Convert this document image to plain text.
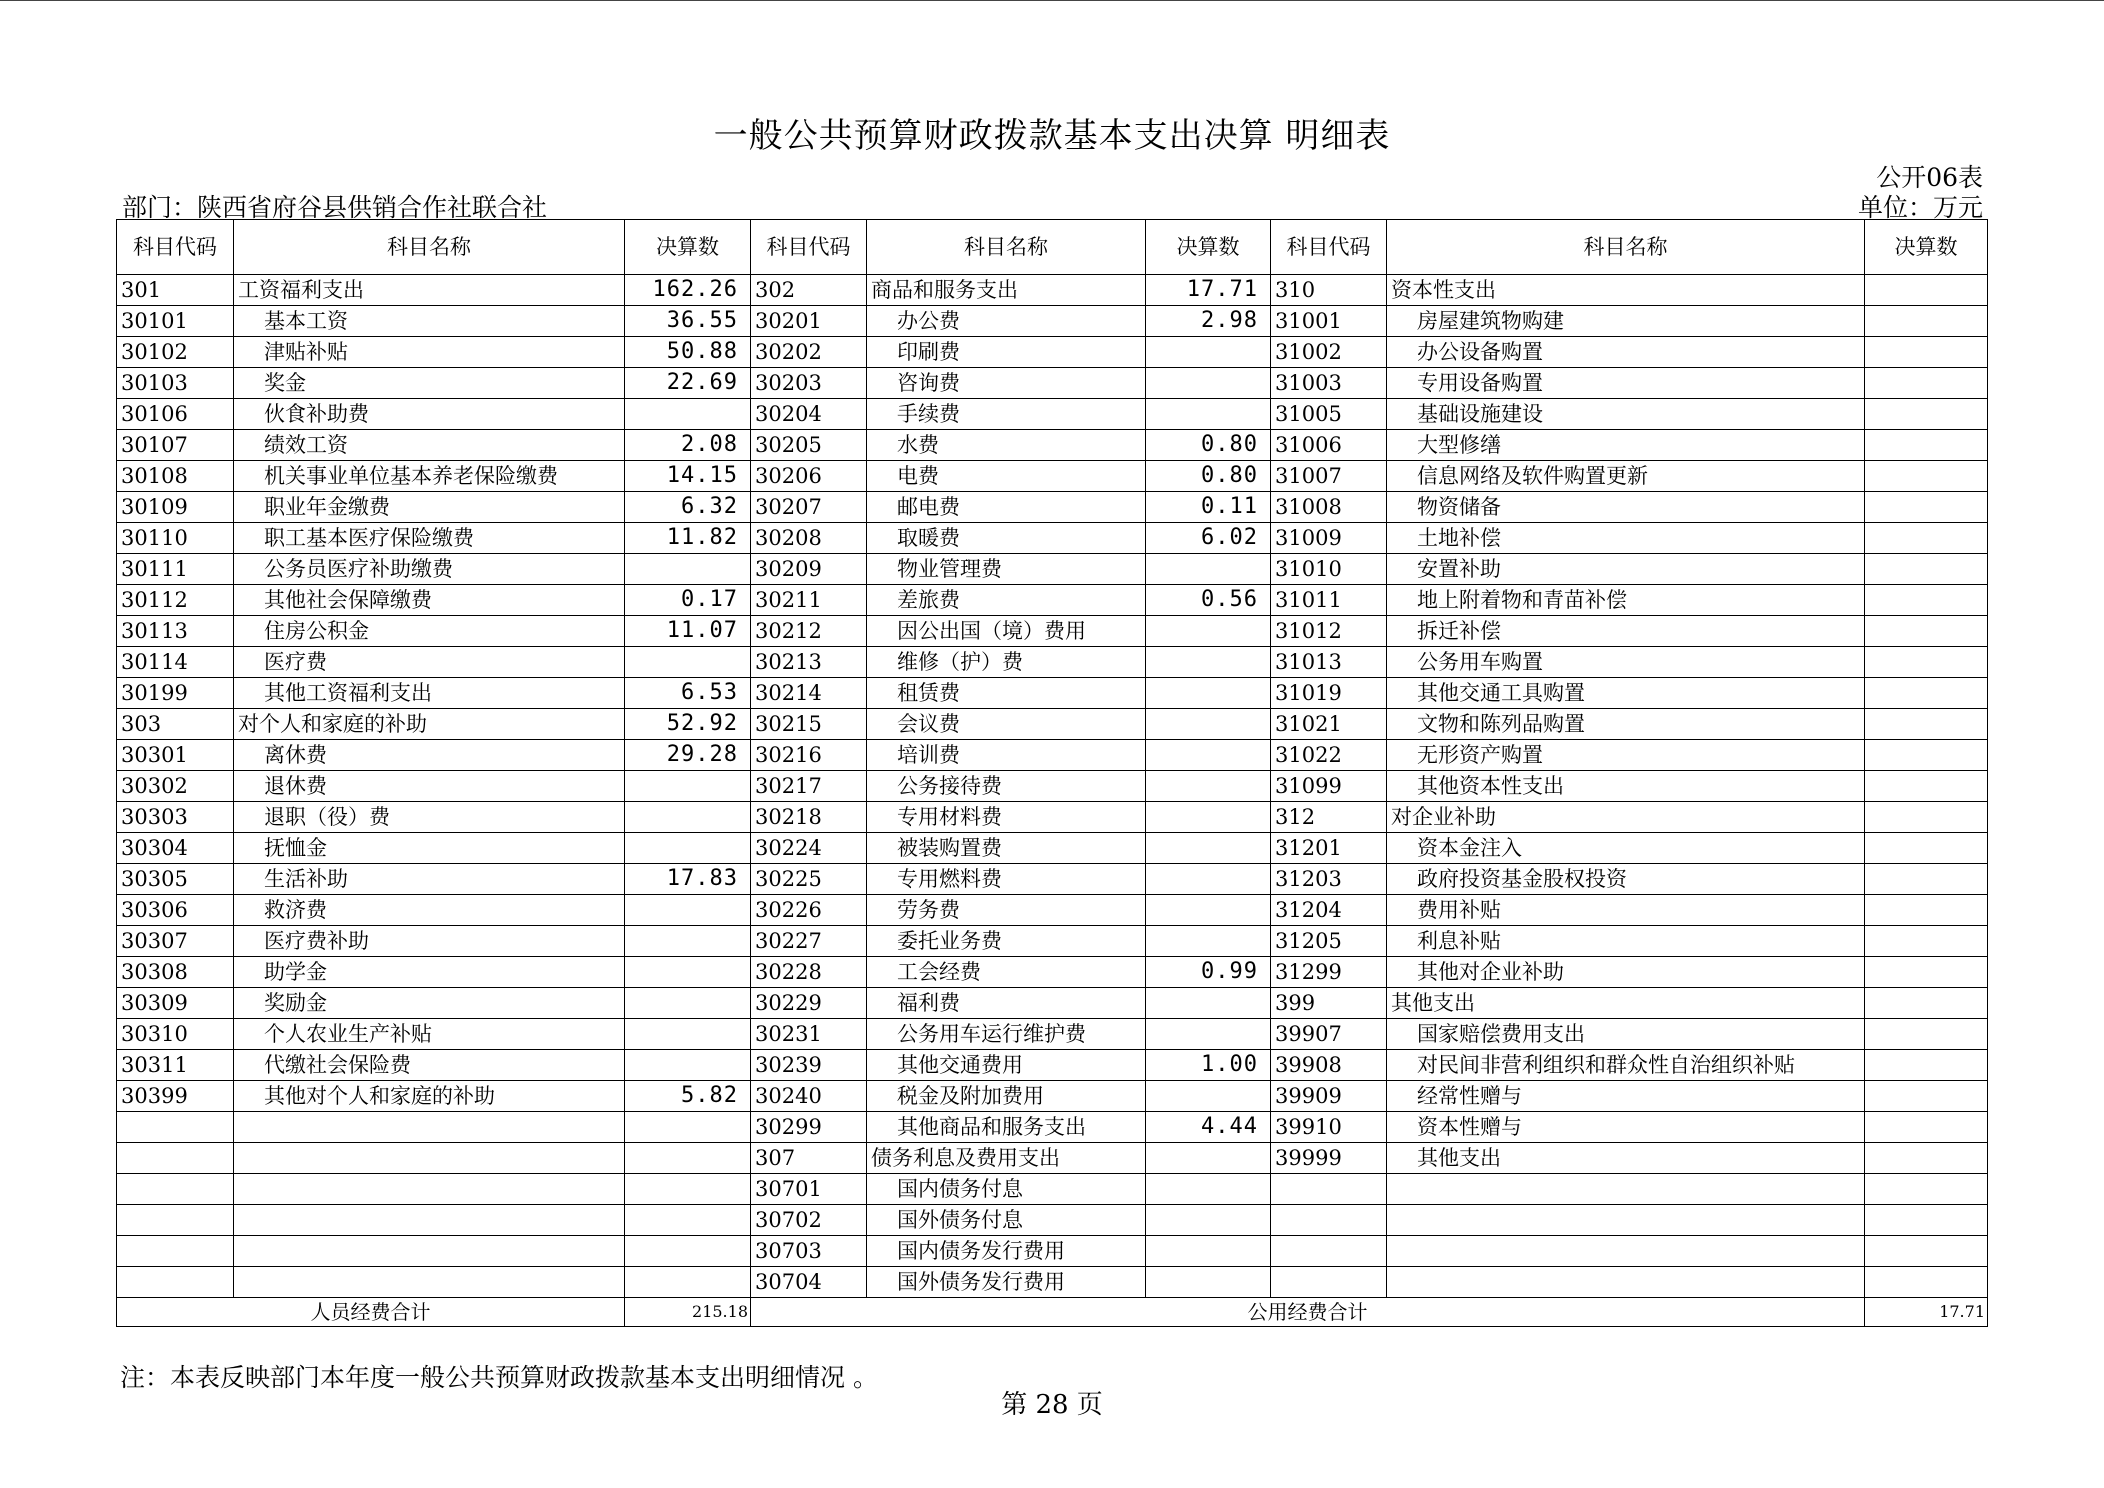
一般公共预算财政拨款基本支出决算 明细表
公开06表
部门：陕西省府谷县供销合作社联合社	单位：万元
科目代码	科目名称	决算数	科目代码	科目名称	决算数	科目代码	科目名称	决算数
301	工资福利支出	162.26	302	商品和服务支出	17.71	310	资本性支出	
30101	基本工资	36.55	30201	办公费	2.98	31001	房屋建筑物购建	
30102	津贴补贴	50.88	30202	印刷费		31002	办公设备购置	
30103	奖金	22.69	30203	咨询费		31003	专用设备购置	
30106	伙食补助费		30204	手续费		31005	基础设施建设	
30107	绩效工资	2.08	30205	水费	0.80	31006	大型修缮	
30108	机关事业单位基本养老保险缴费	14.15	30206	电费	0.80	31007	信息网络及软件购置更新	
30109	职业年金缴费	6.32	30207	邮电费	0.11	31008	物资储备	
30110	职工基本医疗保险缴费	11.82	30208	取暖费	6.02	31009	土地补偿	
30111	公务员医疗补助缴费		30209	物业管理费		31010	安置补助	
30112	其他社会保障缴费	0.17	30211	差旅费	0.56	31011	地上附着物和青苗补偿	
30113	住房公积金	11.07	30212	因公出国（境）费用		31012	拆迁补偿	
30114	医疗费		30213	维修（护）费		31013	公务用车购置	
30199	其他工资福利支出	6.53	30214	租赁费		31019	其他交通工具购置	
303	对个人和家庭的补助	52.92	30215	会议费		31021	文物和陈列品购置	
30301	离休费	29.28	30216	培训费		31022	无形资产购置	
30302	退休费		30217	公务接待费		31099	其他资本性支出	
30303	退职（役）费		30218	专用材料费		312	对企业补助	
30304	抚恤金		30224	被装购置费		31201	资本金注入	
30305	生活补助	17.83	30225	专用燃料费		31203	政府投资基金股权投资	
30306	救济费		30226	劳务费		31204	费用补贴	
30307	医疗费补助		30227	委托业务费		31205	利息补贴	
30308	助学金		30228	工会经费	0.99	31299	其他对企业补助	
30309	奖励金		30229	福利费		399	其他支出	
30310	个人农业生产补贴		30231	公务用车运行维护费		39907	国家赔偿费用支出	
30311	代缴社会保险费		30239	其他交通费用	1.00	39908	对民间非营利组织和群众性自治组织补贴	
30399	其他对个人和家庭的补助	5.82	30240	税金及附加费用		39909	经常性赠与	
			30299	其他商品和服务支出	4.44	39910	资本性赠与	
			307	债务利息及费用支出		39999	其他支出	
			30701	国内债务付息				
			30702	国外债务付息				
			30703	国内债务发行费用				
			30704	国外债务发行费用				
人员经费合计		215.18	公用经费合计					17.71
注：本表反映部门本年度一般公共预算财政拨款基本支出明细情况 。
第 28 页
